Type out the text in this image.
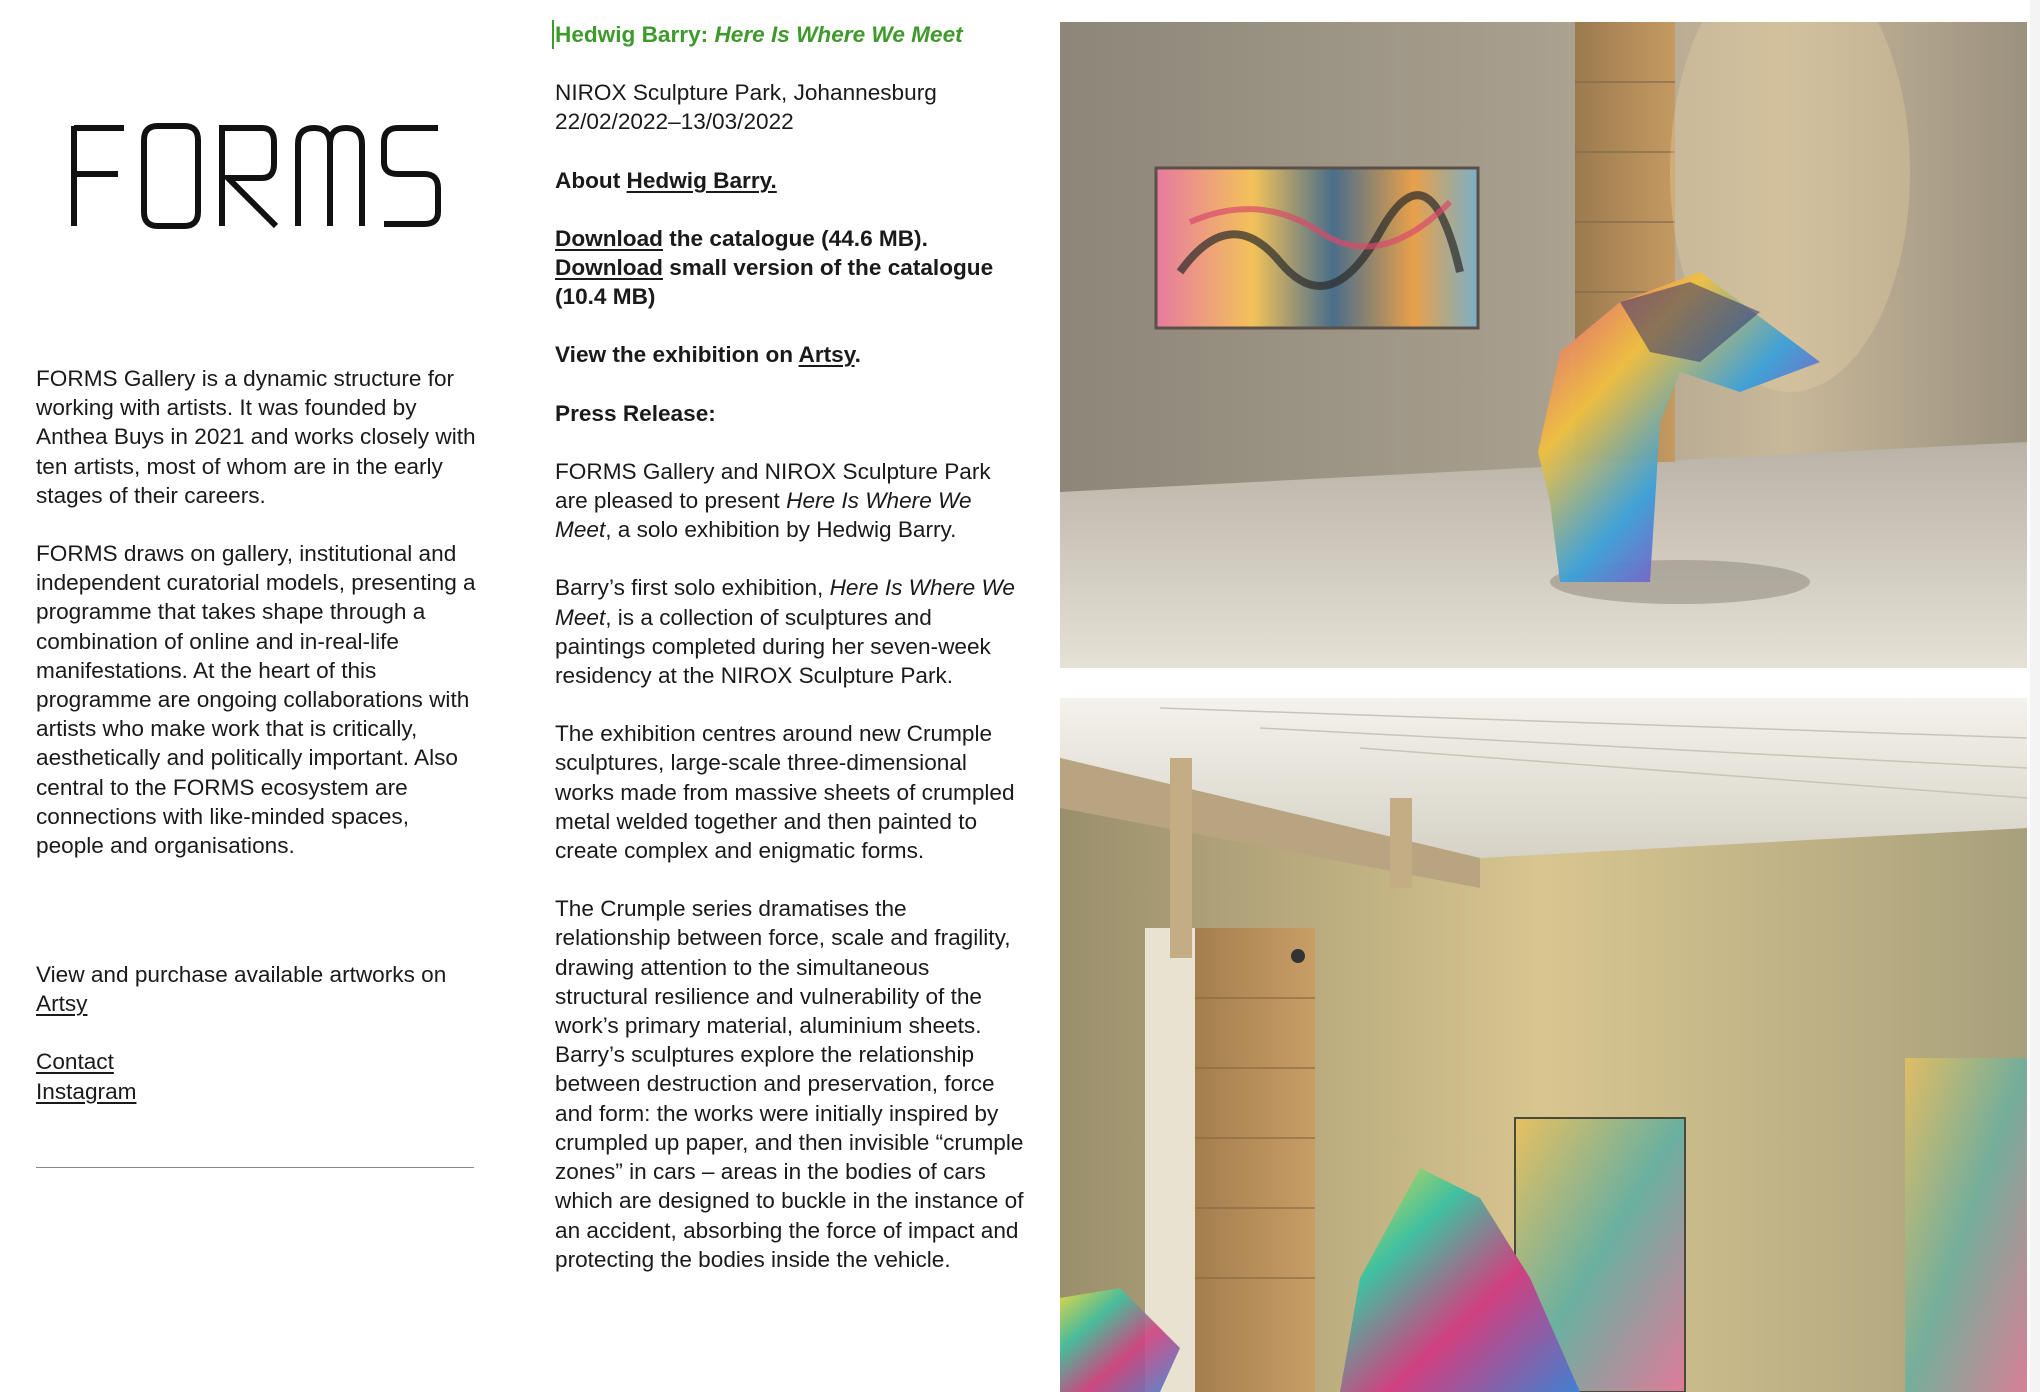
FORMS Gallery is a dynamic structure for working with artists. It was founded by Anthea Buys in 2021 and works closely with ten artists, most of whom are in the early stages of their careers.

FORMS draws on gallery, institutional and independent curatorial models, presenting a programme that takes shape through a combination of online and in-real-life manifestations. At the heart of this programme are ongoing collaborations with artists who make work that is critically, aesthetically and politically important. Also central to the FORMS ecosystem are connections with like-minded spaces, people and organisations.

View and purchase available artworks on Artsy

Contact
Instagram

Hedwig Barry: Here Is Where We Meet

NIROX Sculpture Park, Johannesburg
22/02/2022–13/03/2022

About Hedwig Barry.

Download the catalogue (44.6 MB).
Download small version of the catalogue (10.4 MB)

View the exhibition on Artsy.

Press Release:

FORMS Gallery and NIROX Sculpture Park are pleased to present Here Is Where We Meet, a solo exhibition by Hedwig Barry.

Barry’s first solo exhibition, Here Is Where We Meet, is a collection of sculptures and paintings completed during her seven-week residency at the NIROX Sculpture Park.

The exhibition centres around new Crumple sculptures, large-scale three-dimensional works made from massive sheets of crumpled metal welded together and then painted to create complex and enigmatic forms.

The Crumple series dramatises the relationship between force, scale and fragility, drawing attention to the simultaneous structural resilience and vulnerability of the work’s primary material, aluminium sheets. Barry’s sculptures explore the relationship between destruction and preservation, force and form: the works were initially inspired by crumpled up paper, and then invisible “crumple zones” in cars – areas in the bodies of cars which are designed to buckle in the instance of an accident, absorbing the force of impact and protecting the bodies inside the vehicle.
